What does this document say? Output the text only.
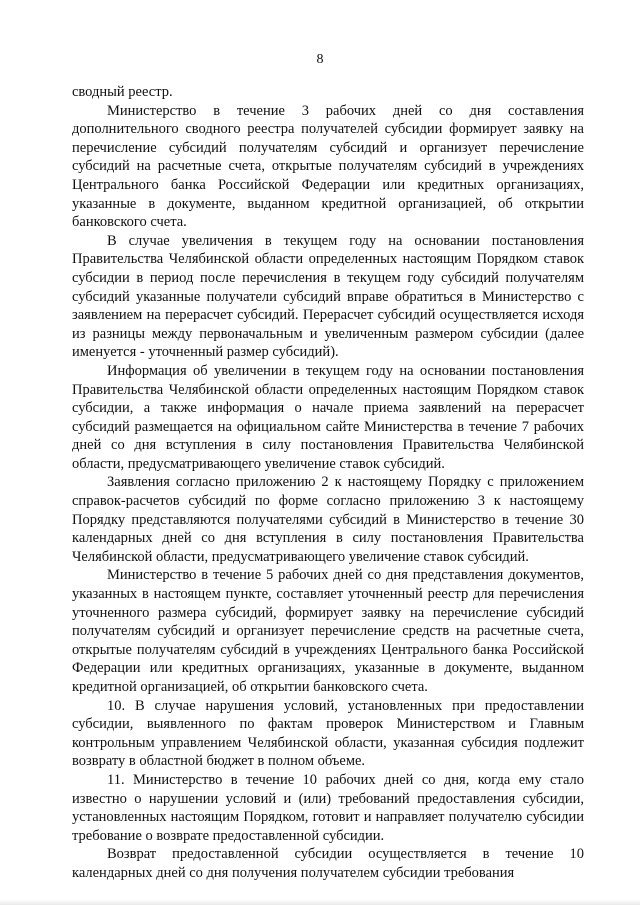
8

сводный реестр.

Министерство в течение 3 рабочих дней со дня составления дополнительного сводного реестра получателей субсидии формирует заявку на перечисление субсидий получателям субсидий и организует перечисление субсидий на расчетные счета, открытые получателям субсидий в учреждениях Центрального банка Российской Федерации или кредитных организациях, указанные в документе, выданном кредитной организацией, об открытии банковского счета.

В случае увеличения в текущем году на основании постановления Правительства Челябинской области определенных настоящим Порядком ставок субсидии в период после перечисления в текущем году субсидий получателям субсидий указанные получатели субсидий вправе обратиться в Министерство с заявлением на перерасчет субсидий. Перерасчет субсидий осуществляется исходя из разницы между первоначальным и увеличенным размером субсидии (далее именуется - уточненный размер субсидий).

Информация об увеличении в текущем году на основании постановления Правительства Челябинской области определенных настоящим Порядком ставок субсидии, а также информация о начале приема заявлений на перерасчет субсидий размещается на официальном сайте Министерства в течение 7 рабочих дней со дня вступления в силу постановления Правительства Челябинской области, предусматривающего увеличение ставок субсидий.

Заявления согласно приложению 2 к настоящему Порядку с приложением справок-расчетов субсидий по форме согласно приложению 3 к настоящему Порядку представляются получателями субсидий в Министерство в течение 30 календарных дней со дня вступления в силу постановления Правительства Челябинской области, предусматривающего увеличение ставок субсидий.

Министерство в течение 5 рабочих дней со дня представления документов, указанных в настоящем пункте, составляет уточненный реестр для перечисления уточненного размера субсидий, формирует заявку на перечисление субсидий получателям субсидий и организует перечисление средств на расчетные счета, открытые получателям субсидий в учреждениях Центрального банка Российской Федерации или кредитных организациях, указанные в документе, выданном кредитной организацией, об открытии банковского счета.

10. В случае нарушения условий, установленных при предоставлении субсидии, выявленного по фактам проверок Министерством и Главным контрольным управлением Челябинской области, указанная субсидия подлежит возврату в областной бюджет в полном объеме.

11. Министерство в течение 10 рабочих дней со дня, когда ему стало известно о нарушении условий и (или) требований предоставления субсидии, установленных настоящим Порядком, готовит и направляет получателю субсидии требование о возврате предоставленной субсидии.

Возврат предоставленной субсидии осуществляется в течение 10 календарных дней со дня получения получателем субсидии требования
